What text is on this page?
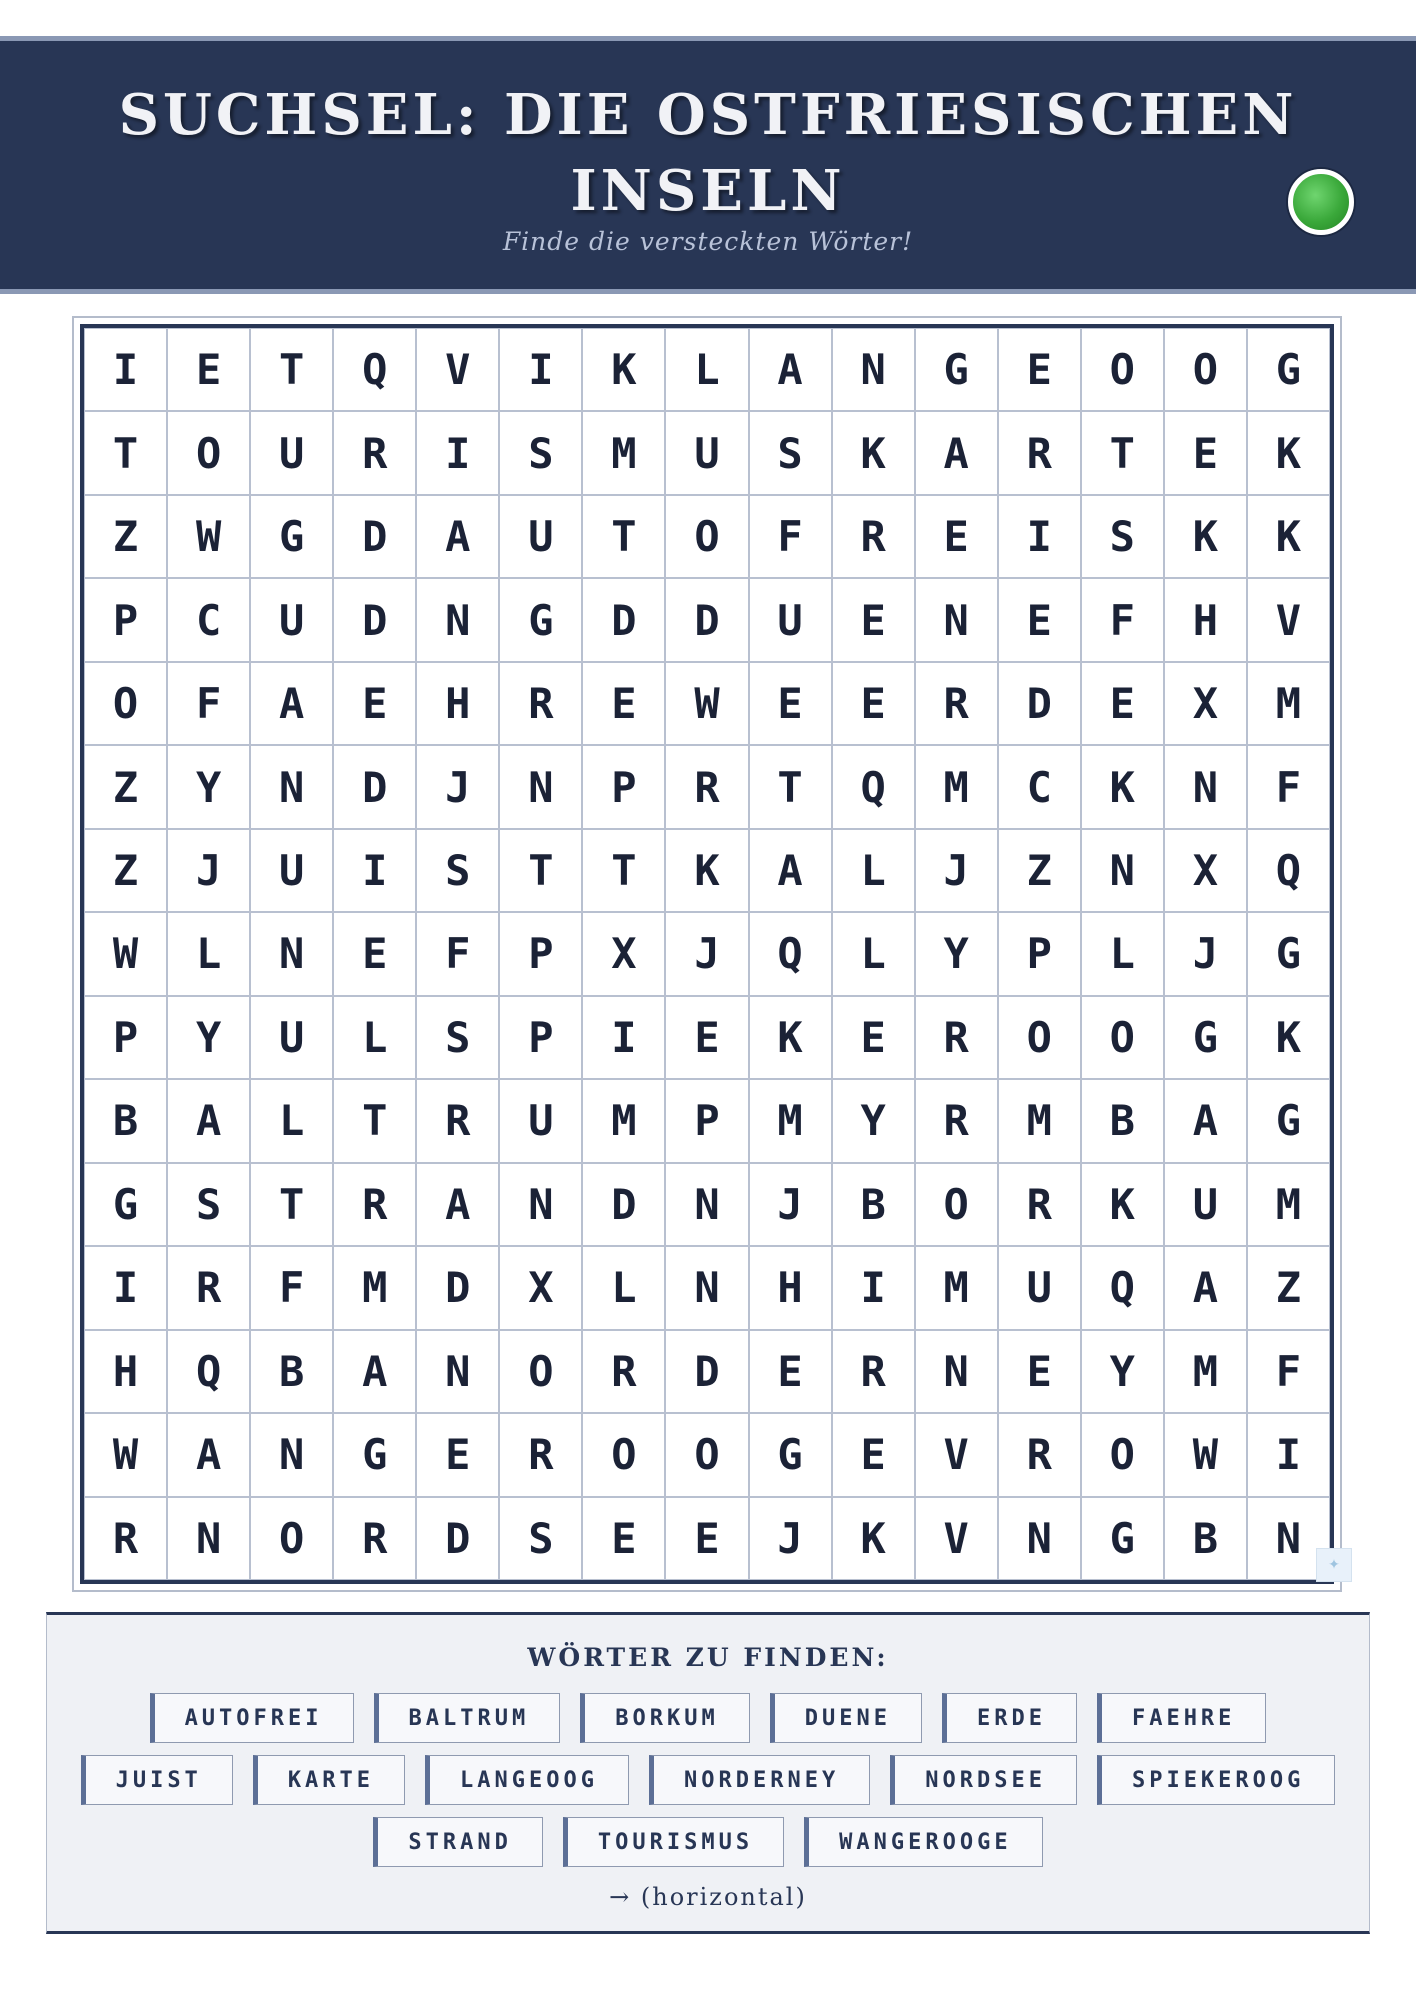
SUCHSEL: DIE OSTFRIESISCHEN INSELN
Finde die versteckten Wörter!
I	E	T	Q	V	I	K	L	A	N	G	E	O	O	G
T	O	U	R	I	S	M	U	S	K	A	R	T	E	K
Z	W	G	D	A	U	T	O	F	R	E	I	S	K	K
P	C	U	D	N	G	D	D	U	E	N	E	F	H	V
O	F	A	E	H	R	E	W	E	E	R	D	E	X	M
Z	Y	N	D	J	N	P	R	T	Q	M	C	K	N	F
Z	J	U	I	S	T	T	K	A	L	J	Z	N	X	Q
W	L	N	E	F	P	X	J	Q	L	Y	P	L	J	G
P	Y	U	L	S	P	I	E	K	E	R	O	O	G	K
B	A	L	T	R	U	M	P	M	Y	R	M	B	A	G
G	S	T	R	A	N	D	N	J	B	O	R	K	U	M
I	R	F	M	D	X	L	N	H	I	M	U	Q	A	Z
H	Q	B	A	N	O	R	D	E	R	N	E	Y	M	F
W	A	N	G	E	R	O	O	G	E	V	R	O	W	I
R	N	O	R	D	S	E	E	J	K	V	N	G	B	N
✦
WÖRTER ZU FINDEN:
AUTOFREI	BALTRUM	BORKUM	DUENE	ERDE	FAEHRE
JUIST	KARTE	LANGEOOG	NORDERNEY	NORDSEE	SPIEKEROOG
STRAND	TOURISMUS	WANGEROOGE
→ (horizontal)
